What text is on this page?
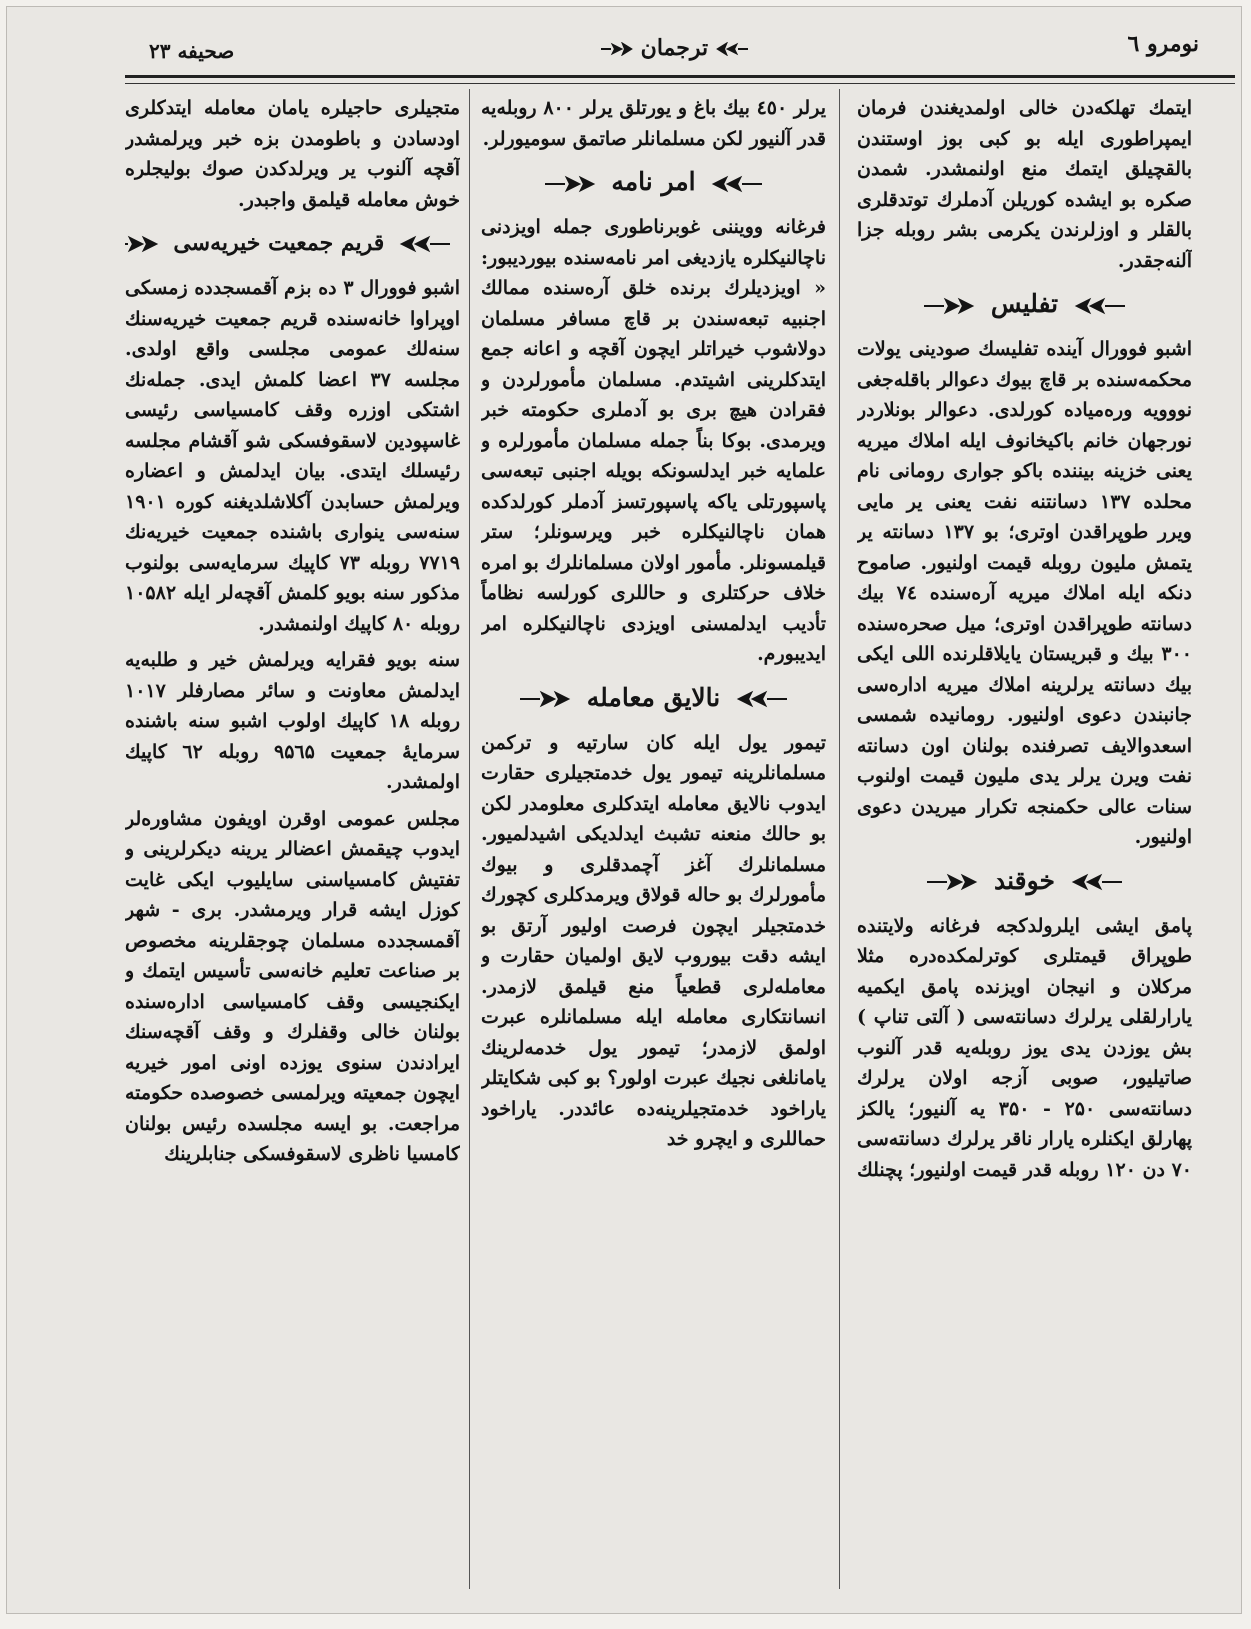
صحیفه ۲۳	ترجمان	نومرو ٦

ایتمك تهلکه‌دن خالی اولمدیغندن فرمان ایمپراطوری ایله بو کبی بوز اوستندن بالقچیلق ایتمك منع اولنمشدر. شمدن صکره بو ایشده کوریلن آدملرك توتدقلری بالقلر و اوزلرندن یکرمی بشر روبله جزا آلنه‌جقدر.

تفلیس

اشبو فوورال آینده تفلیسك صودینی یولات محکمه‌سنده بر قاچ بیوك دعوالر باقله‌جغی نووویه وره‌میاده کورلدی. دعوالر بونلاردر نورجهان خانم باکیخانوف ایله املاك میریه یعنی خزینه بیننده باکو جواری رومانی نام محلده ۱۳۷ دسانتنه نفت یعنی یر مایی ویرر طوپراقدن اوتری؛ بو ۱۳۷ دسانته یر یتمش ملیون روبله قیمت اولنیور. صاموح دنکه ایله املاك میریه آره‌سنده ۷٤ بیك دسانته طوپراقدن اوتری؛ میل صحره‌سنده ۳۰۰ بیك و قبریستان یایلاقلرنده اللی ایکی بیك دسانته یرلرینه املاك میریه اداره‌سی جانبندن دعوی اولنیور. رومانیده شمسی اسعدوالایف تصرفنده بولنان اون دسانته نفت ویرن یرلر یدی ملیون قیمت اولنوب سنات عالی حکمنجه تکرار میریدن دعوی اولنیور.

خوقند

پامق ایشی ایلرولدکجه فرغانه ولایتنده طوپراق قیمتلری کوترلمکده‌دره مثلا مرکلان و انیجان اویزنده پامق ایکمیه یارارلقلی یرلرك دسانته‌سی ( آلتی تناپ ) بش یوزدن یدی یوز روبله‌یه قدر آلنوب صاتیلیور، صوبی آزجه اولان یرلرك دسانته‌سی ۲۵۰ - ۳۵۰ یه آلنیور؛ یالکز پهارلق ایکنلره یارار ناقر یرلرك دسانته‌سی ۷۰ دن ۱۲۰ روبله قدر قیمت اولنیور؛ پچنلك

یرلر ٤٥۰ بیك باغ و یورتلق یرلر ۸۰۰ روبله‌یه قدر آلنیور لکن مسلمانلر صاتمق سومیورلر.

امر نامه

فرغانه وویننی غوبرناطوری جمله اویزدنی ناچالنیکلره یازدیغی امر نامه‌سنده بیوردیبور: « اویزدیلرك برنده خلق آره‌سنده ممالك اجنبیه تبعه‌سندن بر قاچ مسافر مسلمان دولاشوب خیراتلر ایچون آقچه و اعانه جمع ایتدکلرینی اشیتدم. مسلمان مأمورلردن و فقرادن هیچ بری بو آدملری حکومته خبر ویرمدی. بوکا بناً جمله مسلمان مأمورلره و علمایه خبر ایدلسونکه بویله اجنبی تبعه‌سی پاسپورتلی یاکه پاسپورتسز آدملر کورلدکده همان ناچالنیکلره خبر ویرسونلر؛ ستر قیلمسونلر. مأمور اولان مسلمانلرك بو امره خلاف حرکتلری و حاللری کورلسه نظاماً تأدیب ایدلمسنی اویزدی ناچالنیکلره امر ایدیبورم.

نالایق معامله

تیمور یول ایله کان سارتیه و ترکمن مسلمانلرینه تیمور یول خدمتجیلری حقارت ایدوب نالایق معامله ایتدکلری معلومدر لکن بو حالك منعنه تشبث ایدلدیکی اشیدلمیور. مسلمانلرك آغز آچمدقلری و بیوك مأمورلرك بو حاله قولاق ویرمدکلری کچورك خدمتجیلر ایچون فرصت اولیور آرتق بو ایشه دقت بیوروب لایق اولمیان حقارت و معامله‌لری قطعیاً منع قیلمق لازمدر. انسانتکاری معامله ایله مسلمانلره عبرت اولمق لازمدر؛ تیمور یول خدمه‌لرینك یامانلغی نجیك عبرت اولور؟ بو کبی شکایتلر یاراخود خدمتجیلرینه‌ده عائددر. یاراخود حماللری و ایچرو خد

متجیلری حاجیلره یامان معامله ایتدکلری اودسادن و باطومدن بزه خبر ویرلمشدر آقچه آلنوب یر ویرلدکدن صوك بولیجلره خوش معامله قیلمق واجبدر.

قریم جمعیت خیریه‌سی

اشبو فوورال ۳ ده بزم آقمسجدده زمسکی اوپراوا خانه‌سنده قریم جمعیت خیریه‌سنك سنه‌لك عمومی مجلسی واقع اولدی. مجلسه ۳۷ اعضا کلمش ایدی. جمله‌نك اشتکی اوزره وقف کامسیاسی رئیسی غاسپودین لاسقوفسکی شو آقشام مجلسه رئیسلك ایتدی. بیان ایدلمش و اعضاره ویرلمش حسابدن آکلاشلدیغنه کوره ۱۹۰۱ سنه‌سی ینواری باشنده جمعیت خیریه‌نك ۷۷۱۹ روبله ۷۳ کاپیك سرمایه‌سی بولنوب مذکور سنه بویو کلمش آقچه‌لر ایله ۱۰۵۸۲ روبله ۸۰ کاپیك اولنمشدر.

سنه بویو فقرایه ویرلمش خیر و طلبه‌یه ایدلمش معاونت و سائر مصارفلر ۱۰۱۷ روبله ۱۸ کاپیك اولوب اشبو سنه باشنده سرمایهٔ جمعیت ۹۵٦۵ روبله ٦۲ کاپیك اولمشدر.

مجلس عمومی اوقرن اویفون مشاوره‌لر ایدوب چیقمش اعضالر یرینه دیکرلرینی و تفتیش کامسیاسنی سایلیوب ایکی غایت کوزل ایشه قرار ویرمشدر. بری - شهر آقمسجدده مسلمان چوجقلرینه مخصوص بر صناعت تعلیم خانه‌سی تأسیس ایتمك و ایکنجیسی وقف کامسیاسی اداره‌سنده بولنان خالی وقفلرك و وقف آقچه‌سنك ایرادندن سنوی یوزده اونی امور خیریه ایچون جمعیته ویرلمسی خصوصده حکومته مراجعت. بو ایسه مجلسده رئیس بولنان کامسیا ناظری لاسقوفسکی جنابلرینك
